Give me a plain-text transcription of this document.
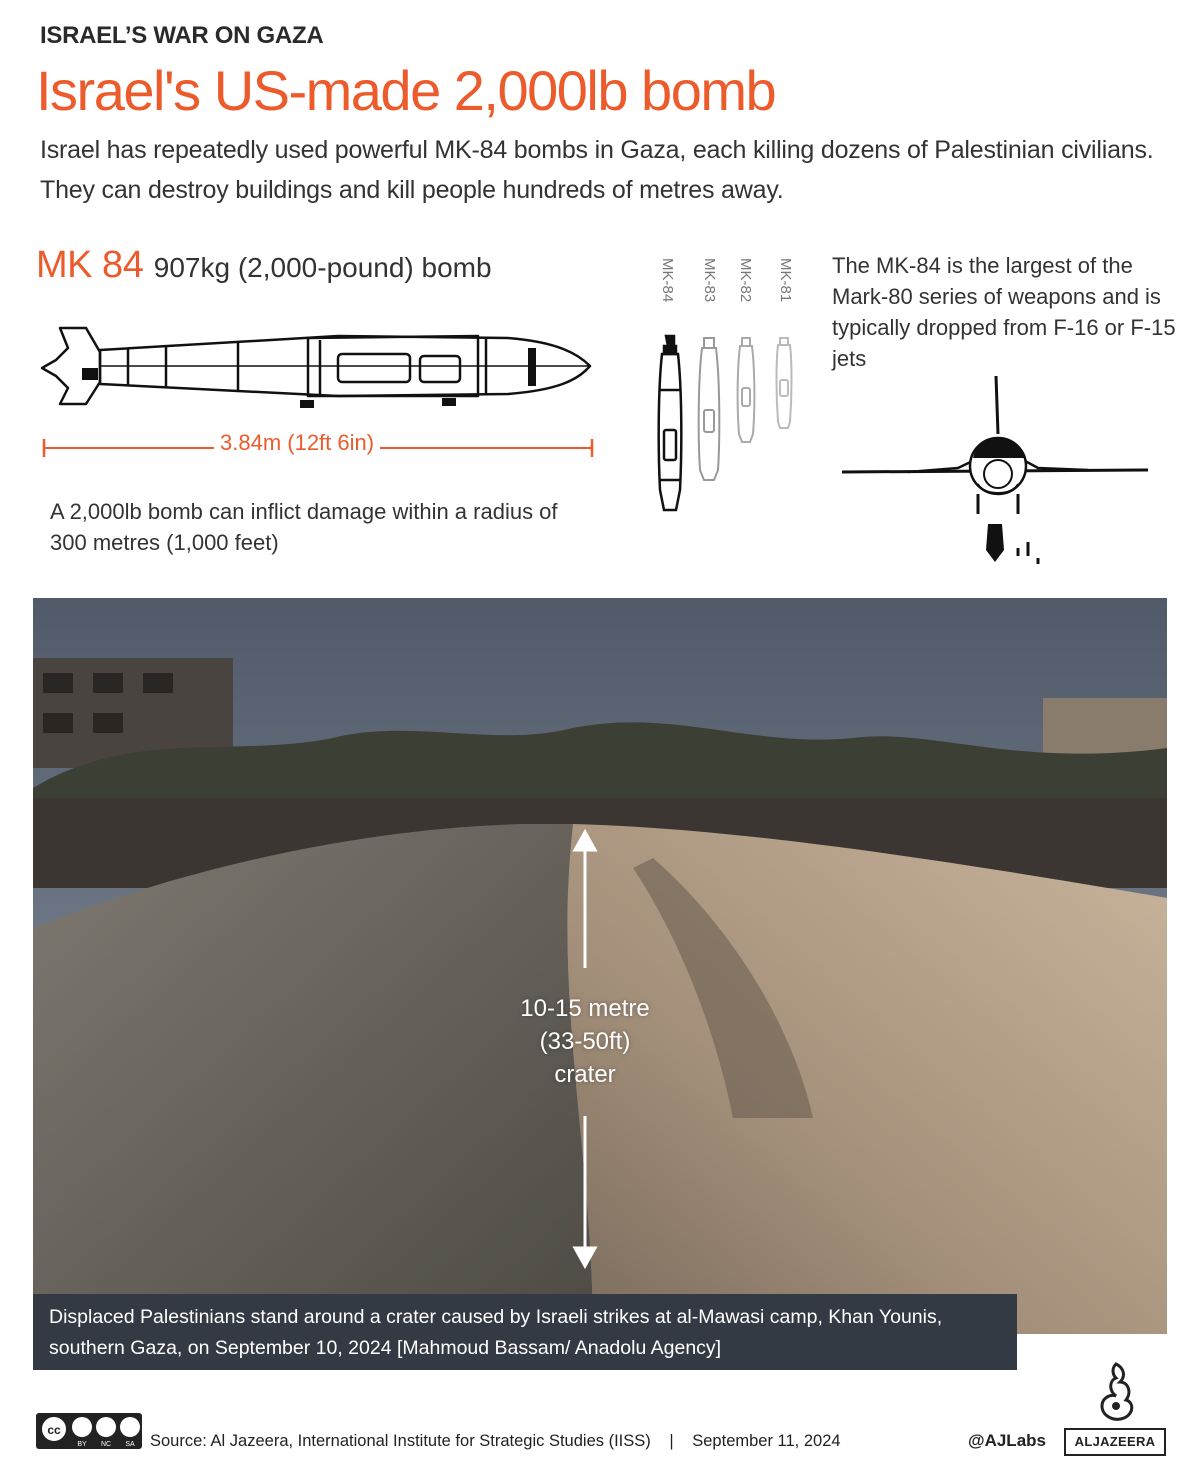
ISRAEL’S WAR ON GAZA
Israel's US-made 2,000lb bomb
Israel has repeatedly used powerful MK-84 bombs in Gaza, each killing dozens of Palestinian civilians. They can destroy buildings and kill people hundreds of metres away.
MK 84 907kg (2,000-pound) bomb
3.84m (12ft 6in)
A 2,000lb bomb can inflict damage within a radius of 300 metres (1,000 feet)
MK-84 MK-83 MK-82 MK-81 The MK-84 is the largest of the Mark-80 series of weapons and is typically dropped from F-16 or F-15 jets
10-15 metre
(33-50ft)
crater
Displaced Palestinians stand around a crater caused by Israeli strikes at al-Mawasi camp, Khan Younis, southern Gaza, on September 10, 2024 [Mahmoud Bassam/ Anadolu Agency]
cc
BY NC SA Source: Al Jazeera, International Institute for Strategic Studies (IISS) | September 11, 2024	@AJLabs	ALJAZEERA
